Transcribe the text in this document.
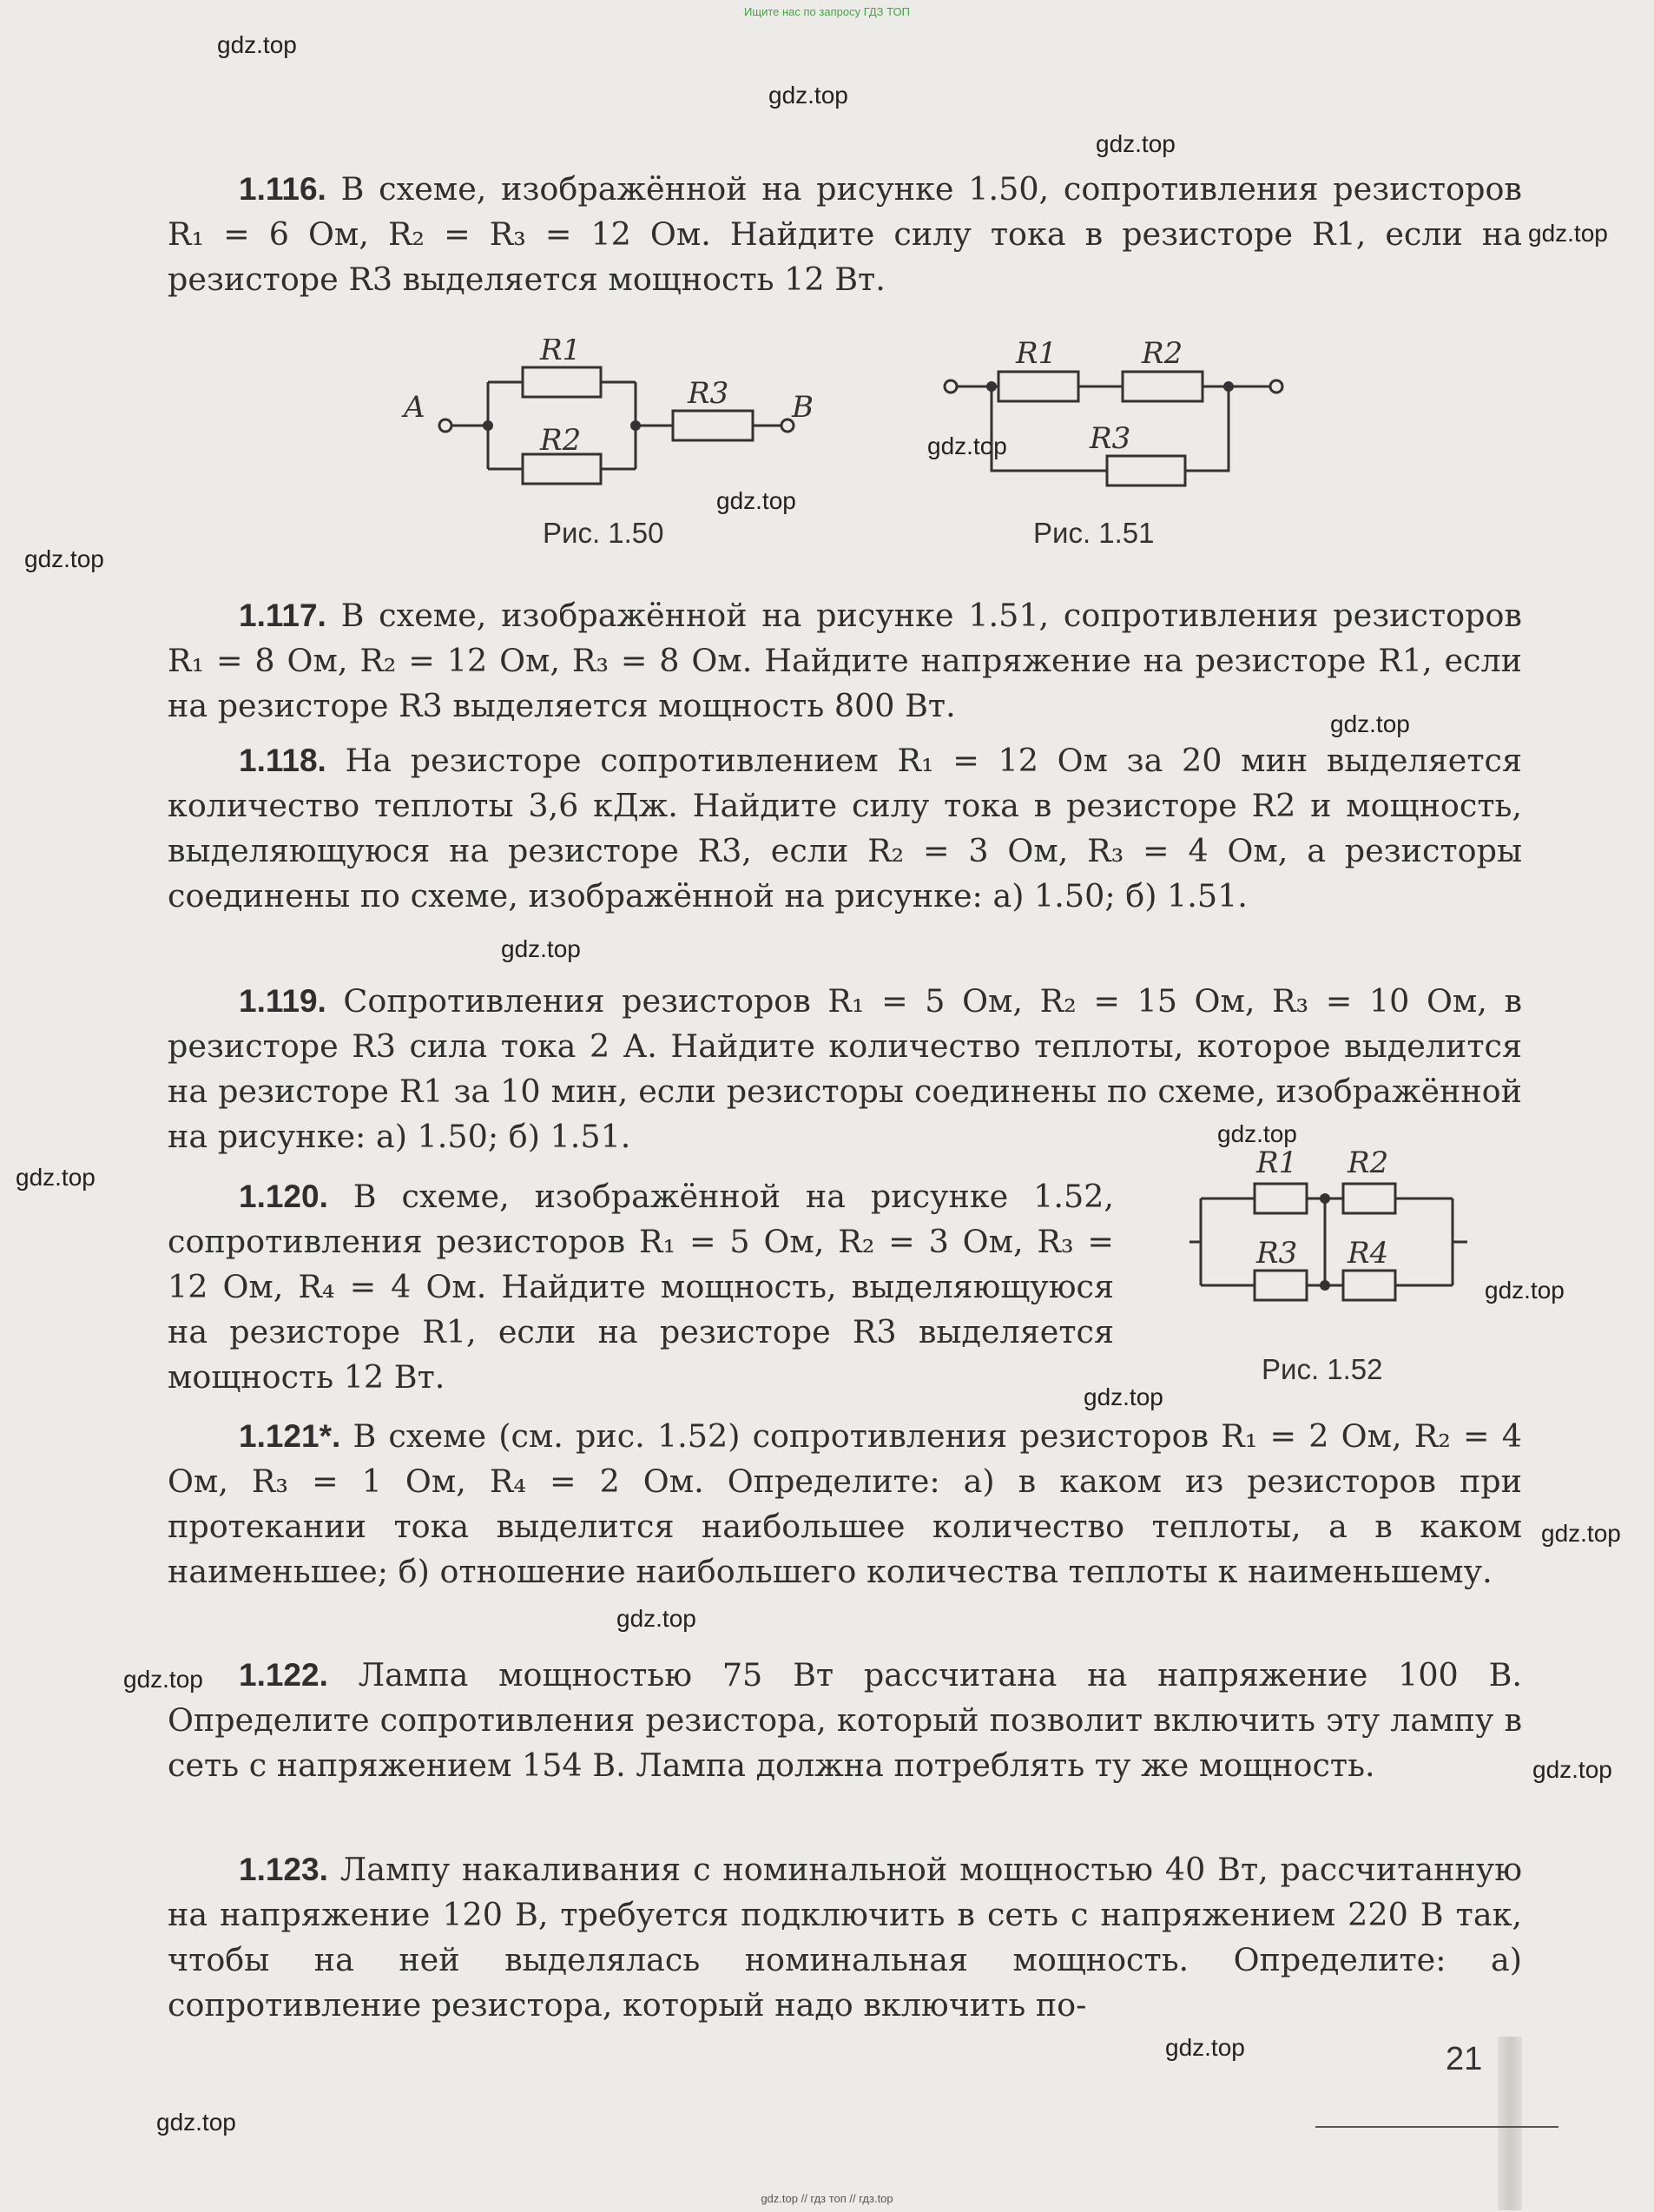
Ищите нас по запросу ГДЗ ТОП
gdz.top
gdz.top
gdz.top
gdz.top
gdz.top
gdz.top
gdz.top
gdz.top
gdz.top
gdz.top
gdz.top
gdz.top
gdz.top
gdz.top
gdz.top
gdz.top
gdz.top
gdz.top
gdz.top
1.116. В схеме, изображённой на рисунке 1.50, сопротивления резисторов R₁ = 6 Ом, R₂ = R₃ = 12 Ом. Найдите силу тока в резисторе R1, если на резисторе R3 выделяется мощность 12 Вт.
A	B
R1
R2
R3
Рис. 1.50
R1	R2
R3
Рис. 1.51
1.117. В схеме, изображённой на рисунке 1.51, сопротивления резисторов R₁ = 8 Ом, R₂ = 12 Ом, R₃ = 8 Ом. Найдите напряжение на резисторе R1, если на резисторе R3 выделяется мощность 800 Вт.
1.118. На резисторе сопротивлением R₁ = 12 Ом за 20 мин выделяется количество теплоты 3,6 кДж. Найдите силу тока в резисторе R2 и мощность, выделяющуюся на резисторе R3, если R₂ = 3 Ом, R₃ = 4 Ом, а резисторы соединены по схеме, изображённой на рисунке: а) 1.50; б) 1.51.
1.119. Сопротивления резисторов R₁ = 5 Ом, R₂ = 15 Ом, R₃ = 10 Ом, в резисторе R3 сила тока 2 А. Найдите количество теплоты, которое выделится на резисторе R1 за 10 мин, если резисторы соединены по схеме, изображённой на рисунке: а) 1.50; б) 1.51.
R1 R2
R3 R4
Рис. 1.52
1.120. В схеме, изображённой на рисунке 1.52, сопротивления резисторов R₁ = 5 Ом, R₂ = 3 Ом, R₃ = 12 Ом, R₄ = 4 Ом. Найдите мощность, выделяющуюся на резисторе R1, если на резисторе R3 выделяется мощность 12 Вт.
1.121*. В схеме (см. рис. 1.52) сопротивления резисторов R₁ = 2 Ом, R₂ = 4 Ом, R₃ = 1 Ом, R₄ = 2 Ом. Определите: а) в каком из резисторов при протекании тока выделится наибольшее количество теплоты, а в каком наименьшее; б) отношение наибольшего количества теплоты к наименьшему.
1.122. Лампа мощностью 75 Вт рассчитана на напряжение 100 В. Определите сопротивления резистора, который позволит включить эту лампу в сеть с напряжением 154 В. Лампа должна потреблять ту же мощность.
1.123. Лампу накаливания с номинальной мощностью 40 Вт, рассчитанную на напряжение 120 В, требуется подключить в сеть с напряжением 220 В так, чтобы на ней выделялась номинальная мощность. Определите: а) сопротивление резистора, который надо включить по-
21
gdz.top // гдз топ // гдз.top
